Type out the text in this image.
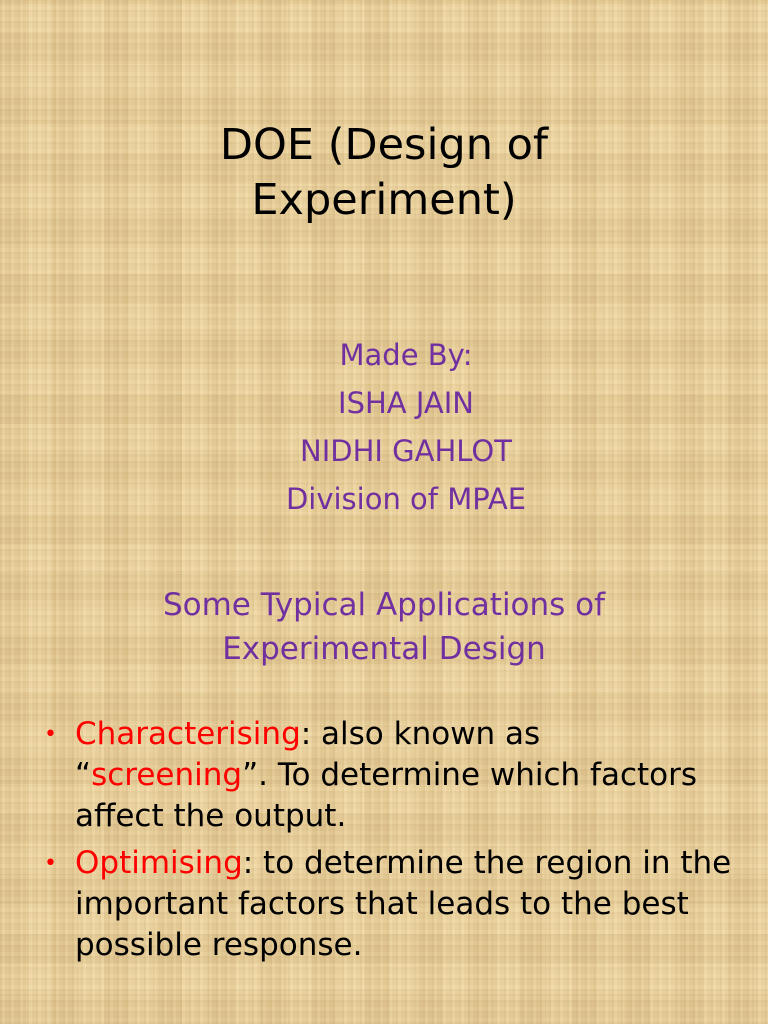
DOE (Design of
Experiment)
Made By:
ISHA JAIN
NIDHI GAHLOT
Division of MPAE
Some Typical Applications of
Experimental Design
• Characterising: also known as
“screening”. To determine which factors affect the output.
• Optimising: to determine the region in the important factors that leads to the best possible response.
